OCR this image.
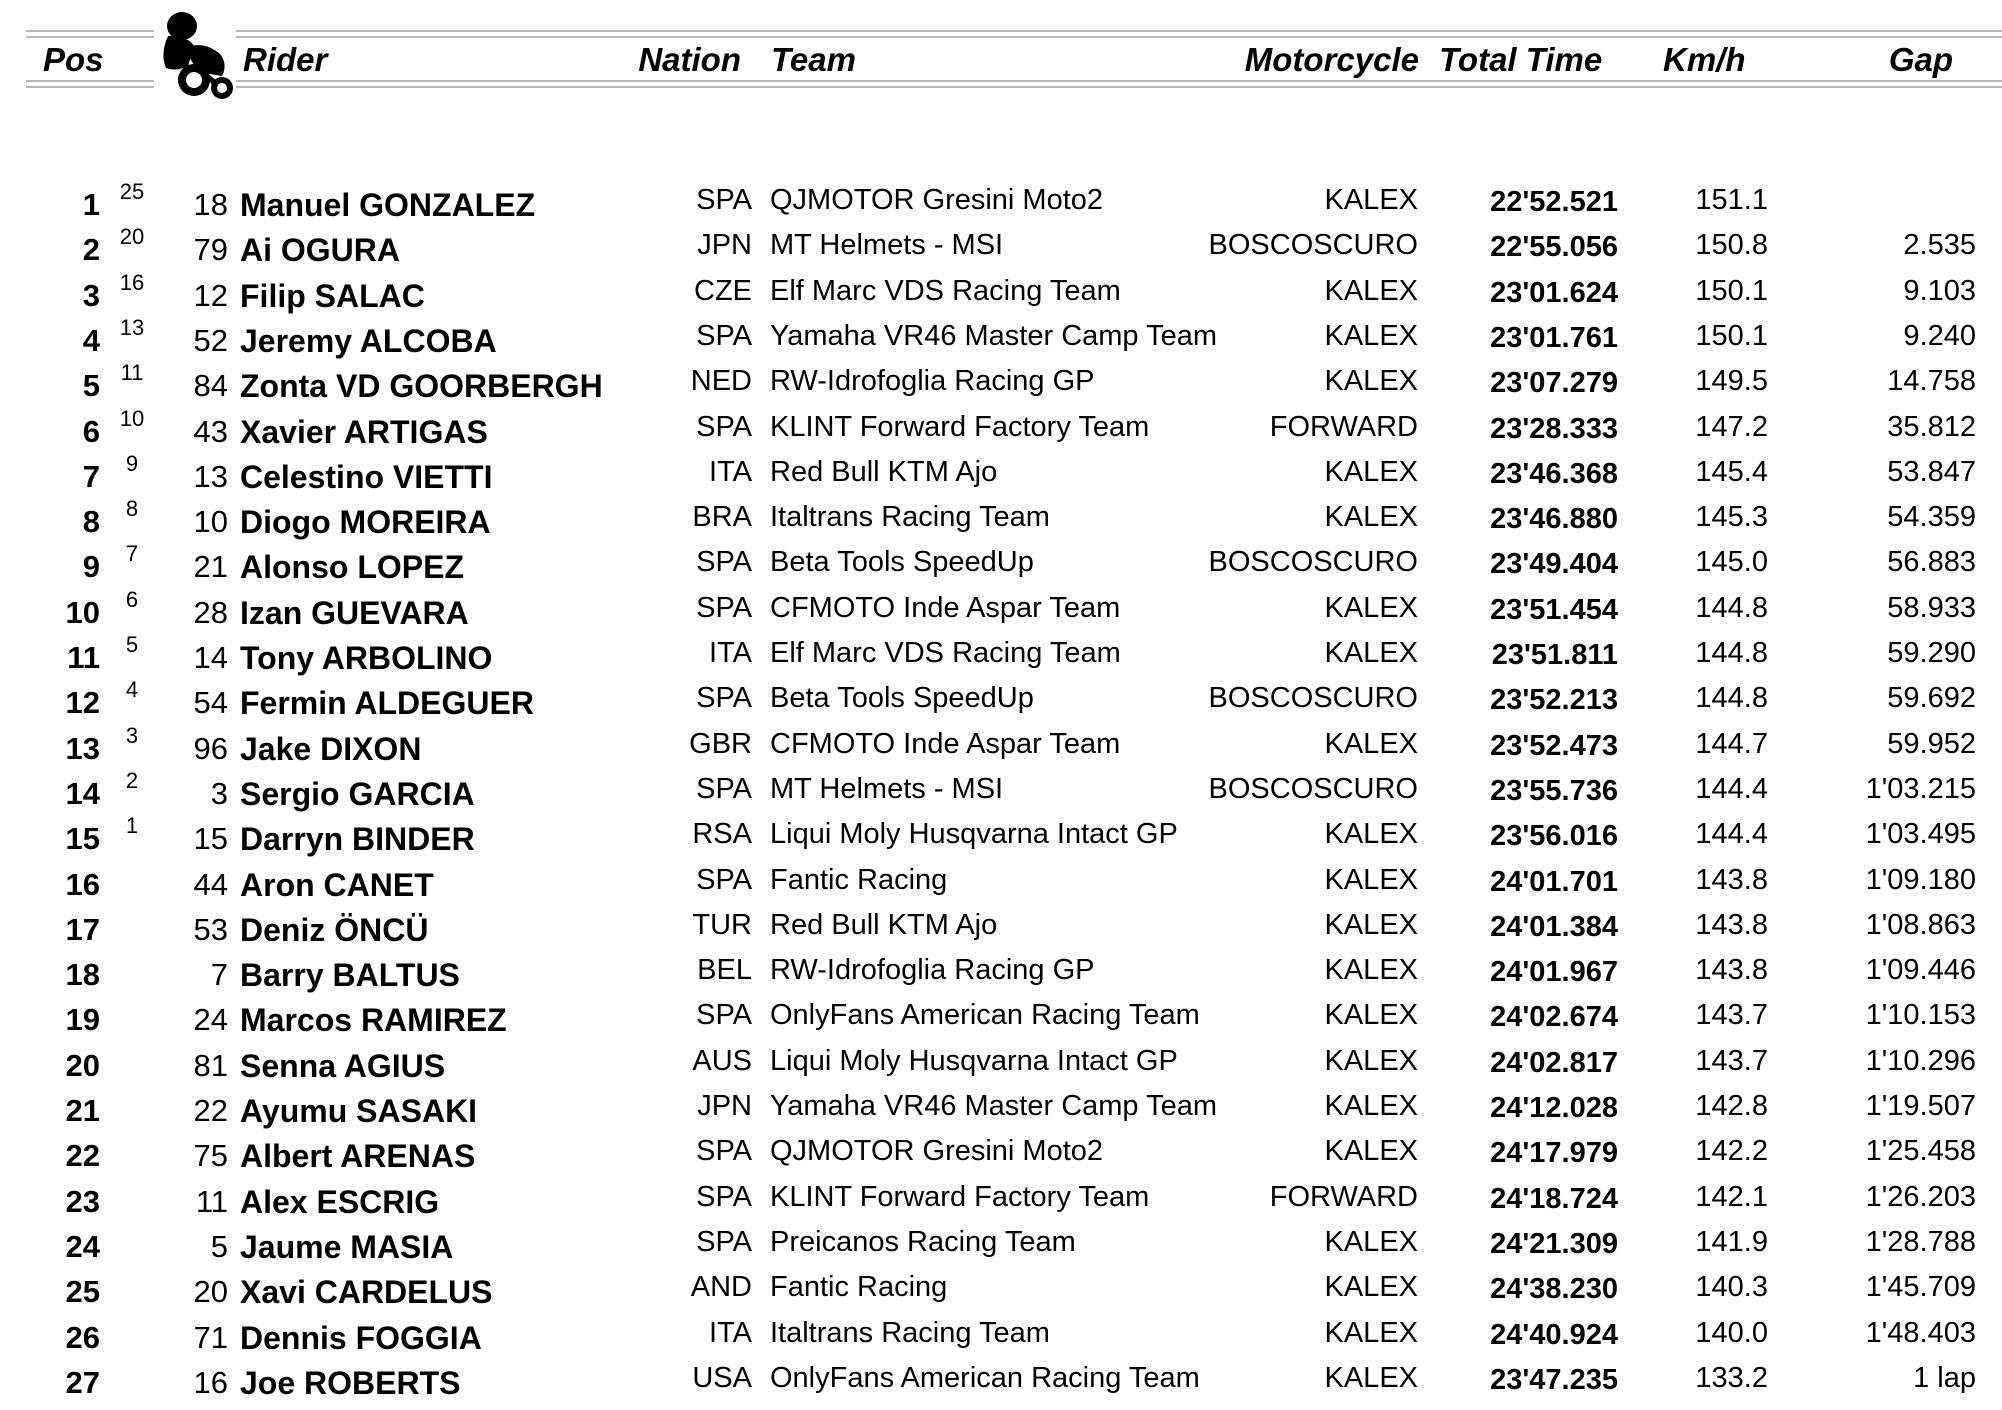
Pos	Rider	Nation Team	Motorcycle Total Time Km/h	Gap
1 25	18 Manuel GONZALEZ	SPA QJMOTOR Gresini Moto2	KALEX	22'52.521	151.1
2 20	79 Ai OGURA	JPN MT Helmets - MSI	BOSCOSCURO	22'55.056	150.8	2.535
3 16	12 Filip SALAC	CZE Elf Marc VDS Racing Team	KALEX	23'01.624	150.1	9.103
4 13	52 Jeremy ALCOBA	SPA Yamaha VR46 Master Camp Team	KALEX	23'01.761	150.1	9.240
5 11	84 Zonta VD GOORBERGH	NED RW-Idrofoglia Racing GP	KALEX	23'07.279	149.5	14.758
6 10	43 Xavier ARTIGAS	SPA KLINT Forward Factory Team	FORWARD	23'28.333	147.2	35.812
7	9	13 Celestino VIETTI	ITA Red Bull KTM Ajo	KALEX	23'46.368	145.4	53.847
8	8	10 Diogo MOREIRA	BRA Italtrans Racing Team	KALEX	23'46.880	145.3	54.359
9	7	21 Alonso LOPEZ	SPA Beta Tools SpeedUp	BOSCOSCURO	23'49.404	145.0	56.883
10	6	28 Izan GUEVARA	SPA CFMOTO Inde Aspar Team	KALEX	23'51.454	144.8	58.933
11	5	14 Tony ARBOLINO	ITA Elf Marc VDS Racing Team	KALEX	23'51.811	144.8	59.290
12	4	54 Fermin ALDEGUER	SPA Beta Tools SpeedUp	BOSCOSCURO	23'52.213	144.8	59.692
13	3	96 Jake DIXON	GBR CFMOTO Inde Aspar Team	KALEX	23'52.473	144.7	59.952
14	2	3 Sergio GARCIA	SPA MT Helmets - MSI	BOSCOSCURO	23'55.736	144.4	1'03.215
15	1	15 Darryn BINDER	RSA Liqui Moly Husqvarna Intact GP	KALEX	23'56.016	144.4	1'03.495
16	44 Aron CANET	SPA Fantic Racing	KALEX	24'01.701	143.8	1'09.180
17	53 Deniz ÖNCÜ	TUR Red Bull KTM Ajo	KALEX	24'01.384	143.8	1'08.863
18	7 Barry BALTUS	BEL RW-Idrofoglia Racing GP	KALEX	24'01.967	143.8	1'09.446
19	24 Marcos RAMIREZ	SPA OnlyFans American Racing Team	KALEX	24'02.674	143.7	1'10.153
20	81 Senna AGIUS	AUS Liqui Moly Husqvarna Intact GP	KALEX	24'02.817	143.7	1'10.296
21	22 Ayumu SASAKI	JPN Yamaha VR46 Master Camp Team	KALEX	24'12.028	142.8	1'19.507
22	75 Albert ARENAS	SPA QJMOTOR Gresini Moto2	KALEX	24'17.979	142.2	1'25.458
23	11 Alex ESCRIG	SPA KLINT Forward Factory Team	FORWARD	24'18.724	142.1	1'26.203
24	5 Jaume MASIA	SPA Preicanos Racing Team	KALEX	24'21.309	141.9	1'28.788
25	20 Xavi CARDELUS	AND Fantic Racing	KALEX	24'38.230	140.3	1'45.709
26	71 Dennis FOGGIA	ITA Italtrans Racing Team	KALEX	24'40.924	140.0	1'48.403
27	16 Joe ROBERTS	USA OnlyFans American Racing Team	KALEX	23'47.235	133.2	1 lap
